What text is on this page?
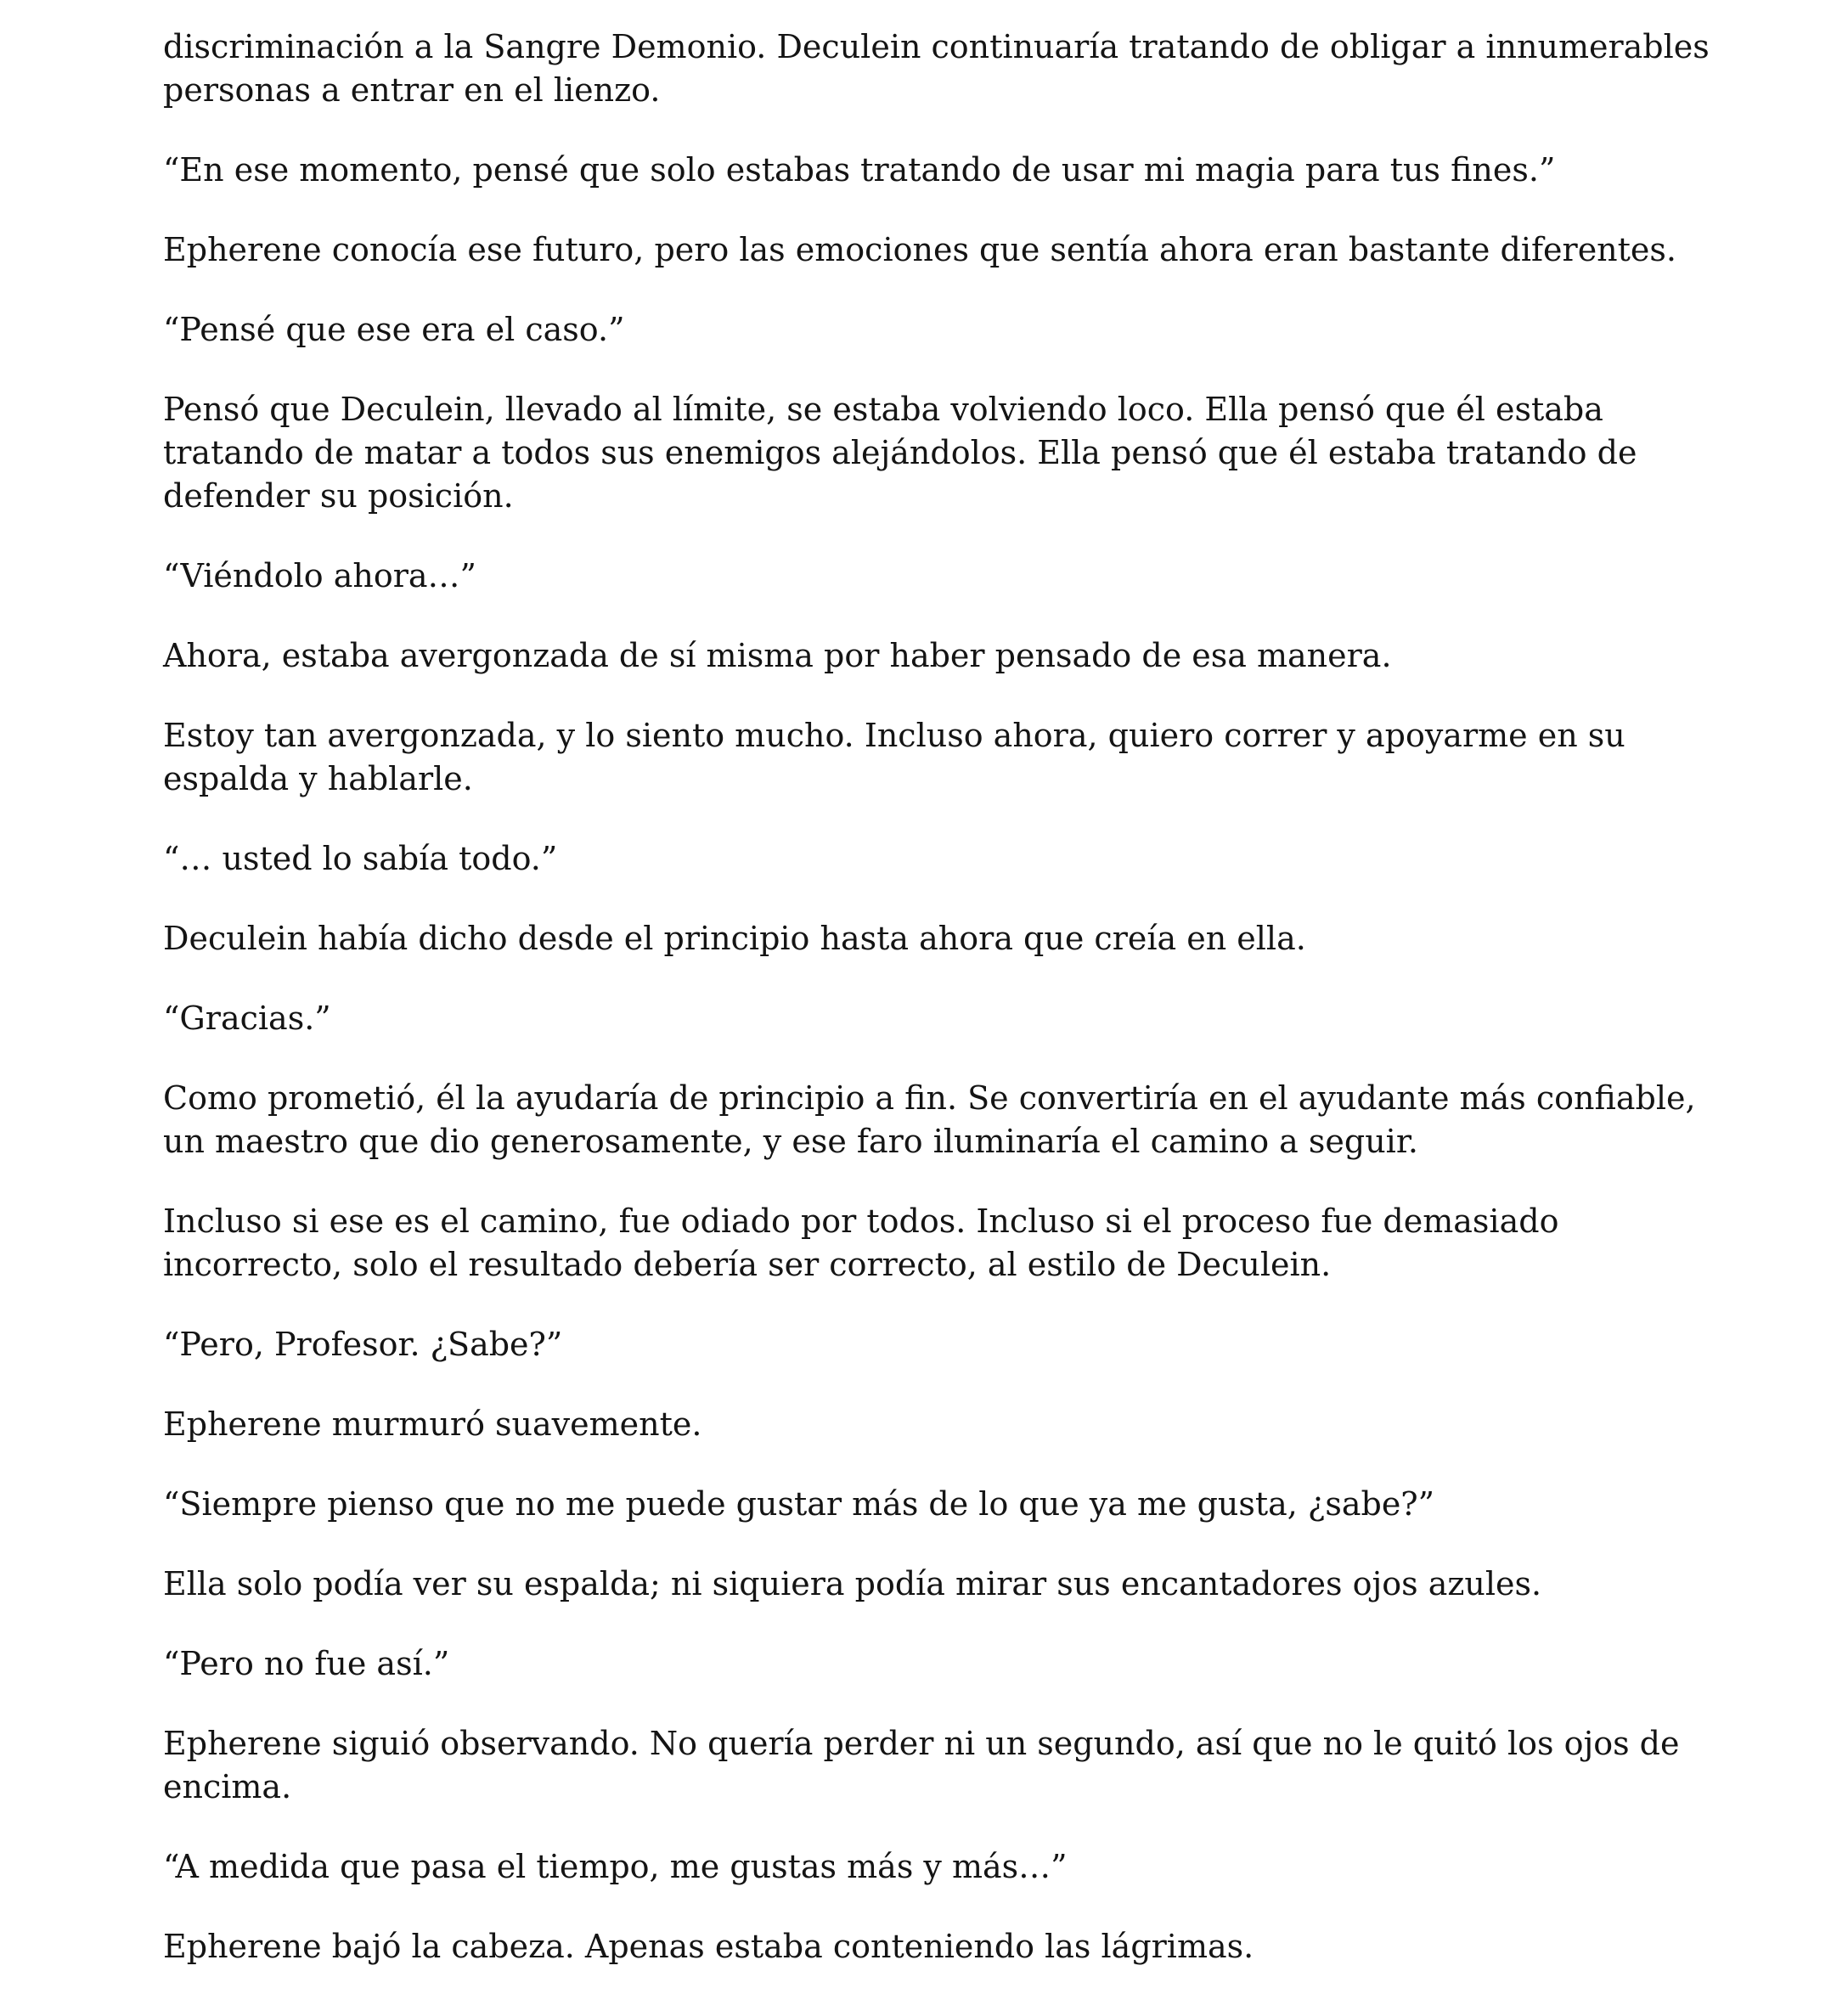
discriminación a la Sangre Demonio. Deculein continuaría tratando de obligar a innumerables personas a entrar en el lienzo.

“En ese momento, pensé que solo estabas tratando de usar mi magia para tus fines.”

Epherene conocía ese futuro, pero las emociones que sentía ahora eran bastante diferentes.

“Pensé que ese era el caso.”

Pensó que Deculein, llevado al límite, se estaba volviendo loco. Ella pensó que él estaba tratando de matar a todos sus enemigos alejándolos. Ella pensó que él estaba tratando de defender su posición.

“Viéndolo ahora…”

Ahora, estaba avergonzada de sí misma por haber pensado de esa manera.

Estoy tan avergonzada, y lo siento mucho. Incluso ahora, quiero correr y apoyarme en su espalda y hablarle.

“… usted lo sabía todo.”

Deculein había dicho desde el principio hasta ahora que creía en ella.

“Gracias.”

Como prometió, él la ayudaría de principio a fin. Se convertiría en el ayudante más confiable, un maestro que dio generosamente, y ese faro iluminaría el camino a seguir.

Incluso si ese es el camino, fue odiado por todos. Incluso si el proceso fue demasiado incorrecto, solo el resultado debería ser correcto, al estilo de Deculein.

“Pero, Profesor. ¿Sabe?”

Epherene murmuró suavemente.

“Siempre pienso que no me puede gustar más de lo que ya me gusta, ¿sabe?”

Ella solo podía ver su espalda; ni siquiera podía mirar sus encantadores ojos azules.

“Pero no fue así.”

Epherene siguió observando. No quería perder ni un segundo, así que no le quitó los ojos de encima.

“A medida que pasa el tiempo, me gustas más y más…”

Epherene bajó la cabeza. Apenas estaba conteniendo las lágrimas.
